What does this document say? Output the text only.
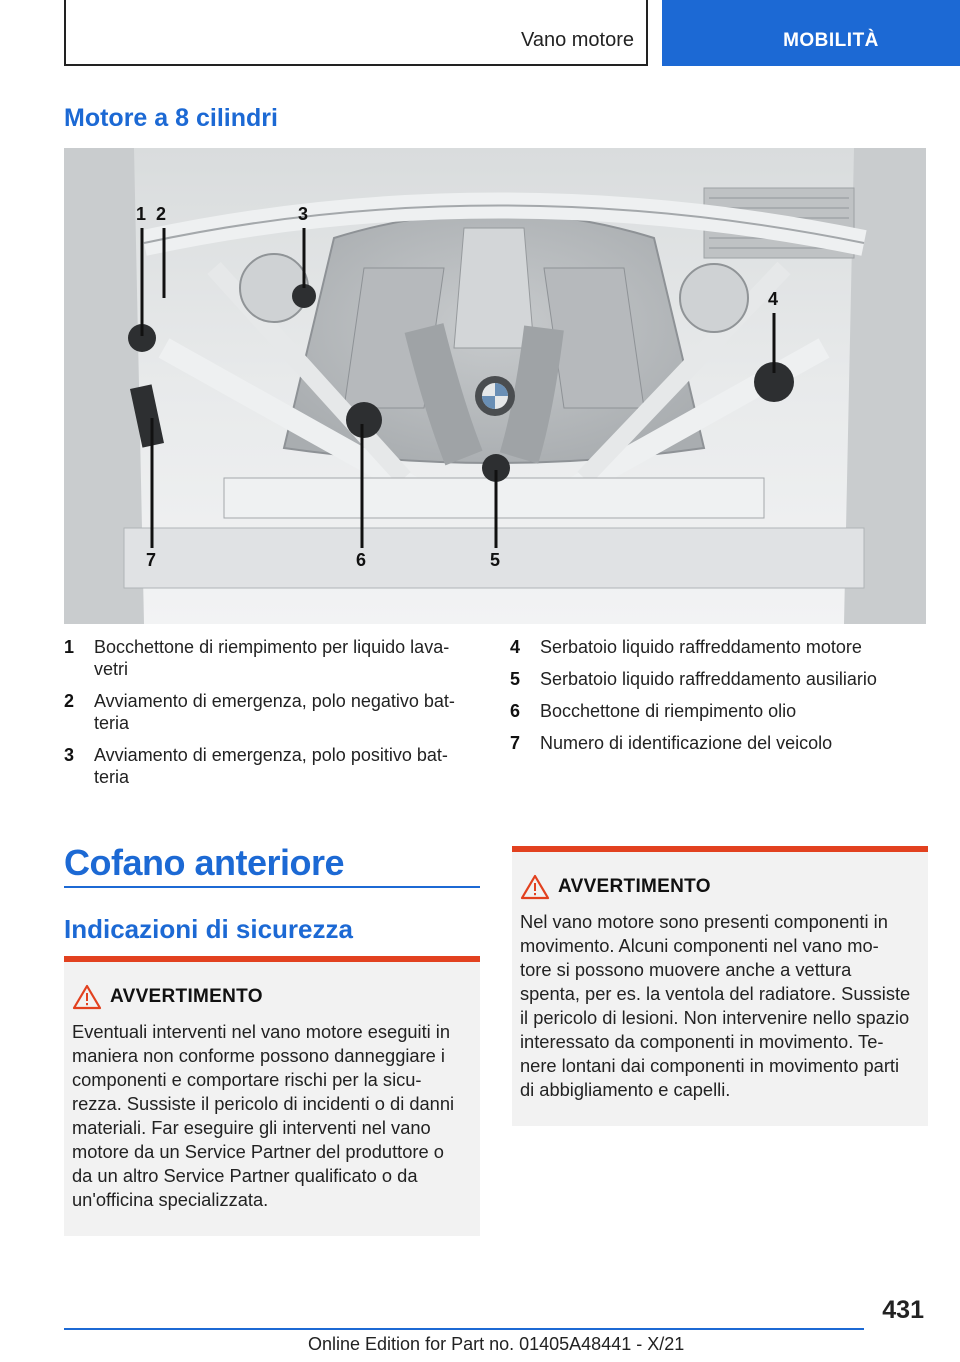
Vano motore	MOBILITÀ
Motore a 8 cilindri
1 2	3
4
5
6
7
1	Bocchettone di riempimento per liquido lava-
vetri
2	Avviamento di emergenza, polo negativo bat-
teria
3	Avviamento di emergenza, polo positivo bat-
teria
4	Serbatoio liquido raffreddamento motore
5	Serbatoio liquido raffreddamento ausiliario
6	Bocchettone di riempimento olio
7	Numero di identificazione del veicolo
Cofano anteriore
Indicazioni di sicurezza
AVVERTIMENTO

Eventuali interventi nel vano motore eseguiti in
maniera non conforme possono danneggiare i
componenti e comportare rischi per la sicu-
rezza. Sussiste il pericolo di incidenti o di danni
materiali. Far eseguire gli interventi nel vano
motore da un Service Partner del produttore o
da un altro Service Partner qualificato o da
un'officina specializzata.

AVVERTIMENTO

Nel vano motore sono presenti componenti in
movimento. Alcuni componenti nel vano mo-
tore si possono muovere anche a vettura
spenta, per es. la ventola del radiatore. Sussiste
il pericolo di lesioni. Non intervenire nello spazio
interessato da componenti in movimento. Te-
nere lontani dai componenti in movimento parti
di abbigliamento e capelli.

431
Online Edition for Part no. 01405A48441 - X/21
